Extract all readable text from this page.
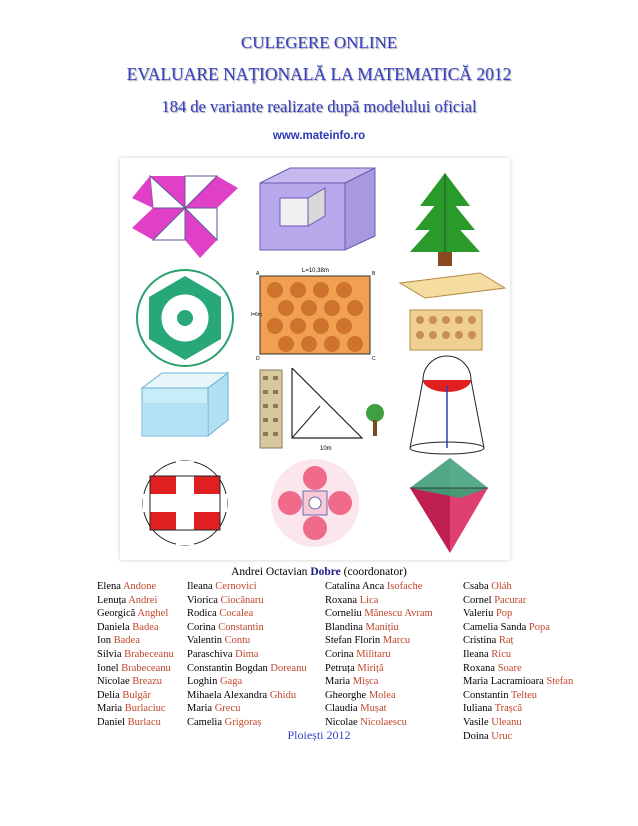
CULEGERE ONLINE
EVALUARE NAȚIONALĂ LA MATEMATICĂ 2012
184 de variante realizate după modelului oficial
www.mateinfo.ro
L=10,38m
l=6m
A	B
C
D
10m
Andrei Octavian Dobre (coordonator)
Elena Andone
Lenuța Andrei
Georgică Anghel
Daniela Badea
Ion Badea
Silvia Brabeceanu
Ionel Brabeceanu
Nicolae Breazu
Delia Bulgăr
Maria Burlaciuc
Daniel Burlacu
Ileana Cernovici
Viorica Ciocănaru
Rodica Cocalea
Corina Constantin
Valentin Contu
Paraschiva Dima
Constantin Bogdan Doreanu
Loghin Gaga
Mihaela Alexandra Ghidu
Maria Grecu
Camelia Grigoraș
Catalina Anca Isofache
Roxana Lica
Corneliu Mănescu Avram
Blandina Manițiu
Stefan Florin Marcu
Corina Militaru
Petruța Miriță
Maria Mișca
Gheorghe Molea
Claudia Mușat
Nicolae Nicolaescu
Csaba Oláh
Cornel Pacurar
Valeriu Pop
Camelia Sanda Popa
Cristina Raț
Ileana Ricu
Roxana Soare
Maria Lacramioara Stefan
Constantin Telteu
Iuliana Trașcă
Vasile Uleanu
Doina Uruc
Ploiești 2012
